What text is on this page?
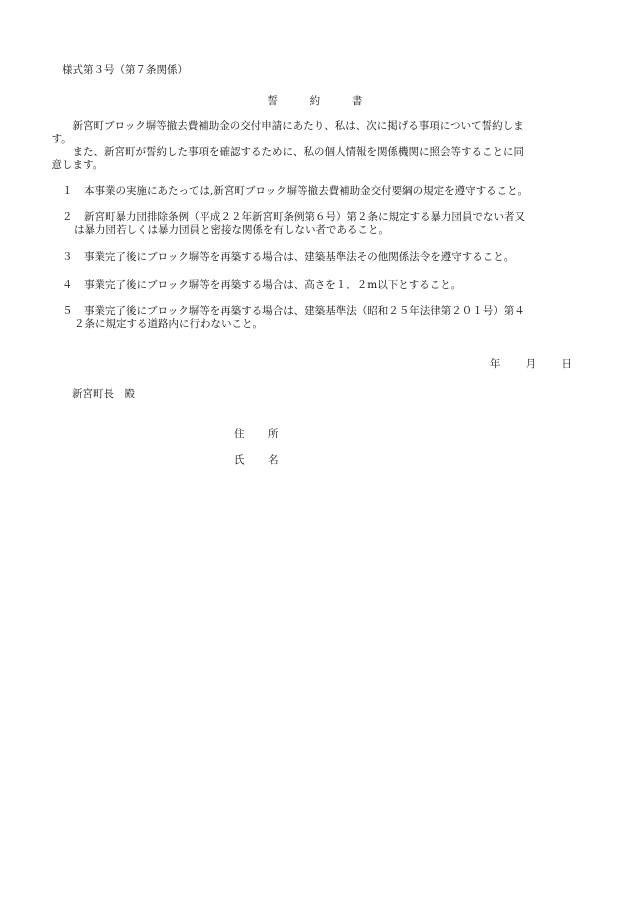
様式第３号（第７条関係）
誓	約	書

新宮町ブロック塀等撤去費補助金の交付申請にあたり、私は、次に掲げる事項について誓約しま
す。

また、新宮町が誓約した事項を確認するために、私の個人情報を関係機関に照会等することに同
意します。

１	本事業の実施にあたっては,新宮町ブロック塀等撤去費補助金交付要綱の規定を遵守すること。
２	新宮町暴力団排除条例（平成２２年新宮町条例第６号）第２条に規定する暴力団員でない者又
は暴力団若しくは暴力団員と密接な関係を有しない者であること。
３	事業完了後にブロック塀等を再築する場合は、建築基準法その他関係法令を遵守すること。
４	事業完了後にブロック塀等を再築する場合は、高さを１．２m以下とすること。
５	事業完了後にブロック塀等を再築する場合は、建築基準法（昭和２５年法律第２０１号）第４
２条に規定する道路内に行わないこと。
年 月 日
新宮町長　殿
住 所
氏 名
